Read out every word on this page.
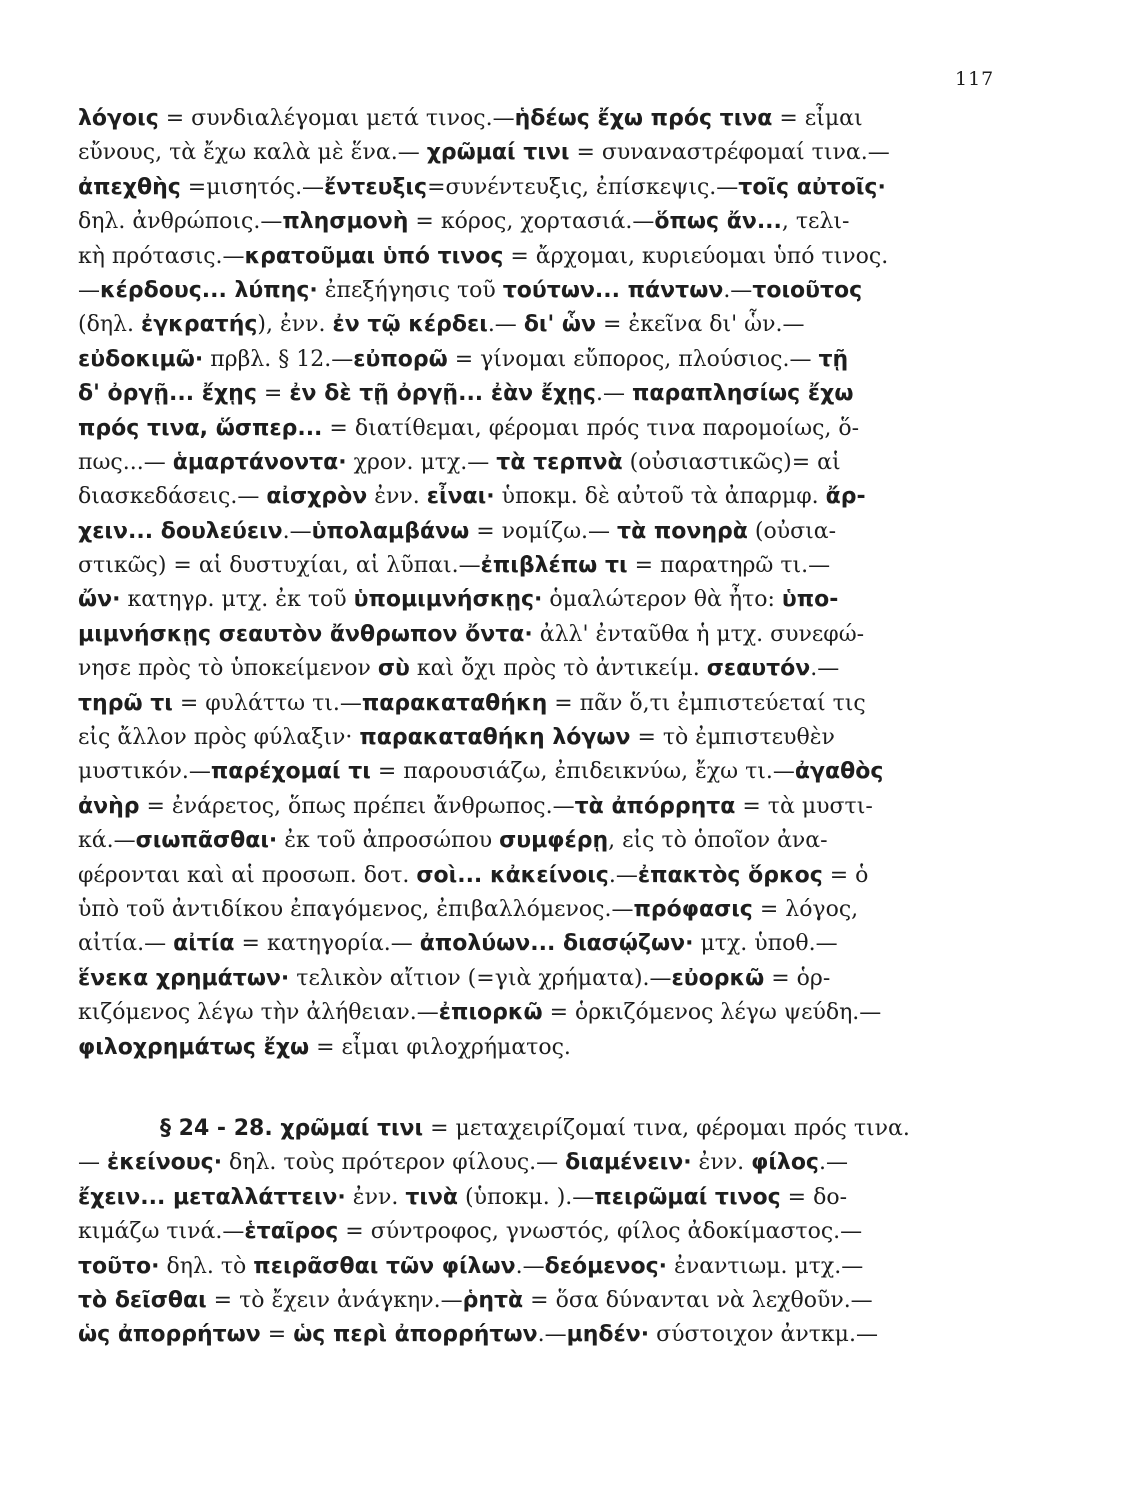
117
λόγοις = συνδιαλέγομαι μετά τινος.—ἡδέως ἔχω πρός τινα = εἶμαι
εὔνους, τὰ ἔχω καλὰ μὲ ἕνα.— χρῶμαί τινι = συναναστρέφομαί τινα.—
ἀπεχθὴς =μισητός.—ἔντευξις=συνέντευξις, ἐπίσκεψις.—τοῖς αὐτοῖς·
δηλ. ἀνθρώποις.—πλησμονὴ = κόρος, χορτασιά.—ὅπως ἄν..., τελι-
κὴ πρότασις.—κρατοῦμαι ὑπό τινος = ἄρχομαι, κυριεύομαι ὑπό τινος.
—κέρδους... λύπης· ἐπεξήγησις τοῦ τούτων... πάντων.—τοιοῦτος
(δηλ. ἐγκρατής), ἐνν. ἐν τῷ κέρδει.— δι' ὧν = ἐκεῖνα δι' ὧν.—
εὐδοκιμῶ· πρβλ. § 12.—εὐπορῶ = γίνομαι εὔπορος, πλούσιος.— τῇ
δ' ὀργῇ... ἔχῃς = ἐν δὲ τῇ ὀργῇ... ἐὰν ἔχῃς.— παραπλησίως ἔχω
πρός τινα, ὥσπερ... = διατίθεμαι, φέρομαι πρός τινα παρομοίως, ὅ-
πως...— ἁμαρτάνοντα· χρον. μτχ.— τὰ τερπνὰ (οὐσιαστικῶς)= αἱ
διασκεδάσεις.— αἰσχρὸν ἐνν. εἶναι· ὑποκμ. δὲ αὐτοῦ τὰ ἀπαρμφ. ἄρ-
χειν... δουλεύειν.—ὑπολαμβάνω = νομίζω.— τὰ πονηρὰ (οὐσια-
στικῶς) = αἱ δυστυχίαι, αἱ λῦπαι.—ἐπιβλέπω τι = παρατηρῶ τι.—
ὤν· κατηγρ. μτχ. ἐκ τοῦ ὑπομιμνήσκῃς· ὁμαλώτερον θὰ ἦτο: ὑπο-
μιμνήσκῃς σεαυτὸν ἄνθρωπον ὄντα· ἀλλ' ἐνταῦθα ἡ μτχ. συνεφώ-
νησε πρὸς τὸ ὑποκείμενον σὺ καὶ ὄχι πρὸς τὸ ἀντικείμ. σεαυτόν.—
τηρῶ τι = φυλάττω τι.—παρακαταθήκη = πᾶν ὅ,τι ἐμπιστεύεταί τις
εἰς ἄλλον πρὸς φύλαξιν· παρακαταθήκη λόγων = τὸ ἐμπιστευθὲν
μυστικόν.—παρέχομαί τι = παρουσιάζω, ἐπιδεικνύω, ἔχω τι.—ἀγαθὸς
ἀνὴρ = ἐνάρετος, ὅπως πρέπει ἄνθρωπος.—τὰ ἀπόρρητα = τὰ μυστι-
κά.—σιωπᾶσθαι· ἐκ τοῦ ἀπροσώπου συμφέρῃ, εἰς τὸ ὁποῖον ἀνα-
φέρονται καὶ αἱ προσωπ. δοτ. σοὶ... κἀκείνοις.—ἐπακτὸς ὅρκος = ὁ
ὑπὸ τοῦ ἀντιδίκου ἐπαγόμενος, ἐπιβαλλόμενος.—πρόφασις = λόγος,
αἰτία.— αἰτία = κατηγορία.— ἀπολύων... διασῴζων· μτχ. ὑποθ.—
ἕνεκα χρημάτων· τελικὸν αἴτιον (=γιὰ χρήματα).—εὐορκῶ = ὁρ-
κιζόμενος λέγω τὴν ἀλήθειαν.—ἐπιορκῶ = ὁρκιζόμενος λέγω ψεύδη.—
φιλοχρημάτως ἔχω = εἶμαι φιλοχρήματος.
§ 24 - 28. χρῶμαί τινι = μεταχειρίζομαί τινα, φέρομαι πρός τινα.
— ἐκείνους· δηλ. τοὺς πρότερον φίλους.— διαμένειν· ἐνν. φίλος.—
ἔχειν... μεταλλάττειν· ἐνν. τινὰ (ὑποκμ. ).—πειρῶμαί τινος = δο-
κιμάζω τινά.—ἑταῖρος = σύντροφος, γνωστός, φίλος ἀδοκίμαστος.—
τοῦτο· δηλ. τὸ πειρᾶσθαι τῶν φίλων.—δεόμενος· ἐναντιωμ. μτχ.—
τὸ δεῖσθαι = τὸ ἔχειν ἀνάγκην.—ῥητὰ = ὅσα δύνανται νὰ λεχθοῦν.—
ὡς ἀπορρήτων = ὡς περὶ ἀπορρήτων.—μηδέν· σύστοιχον ἀντκμ.—
